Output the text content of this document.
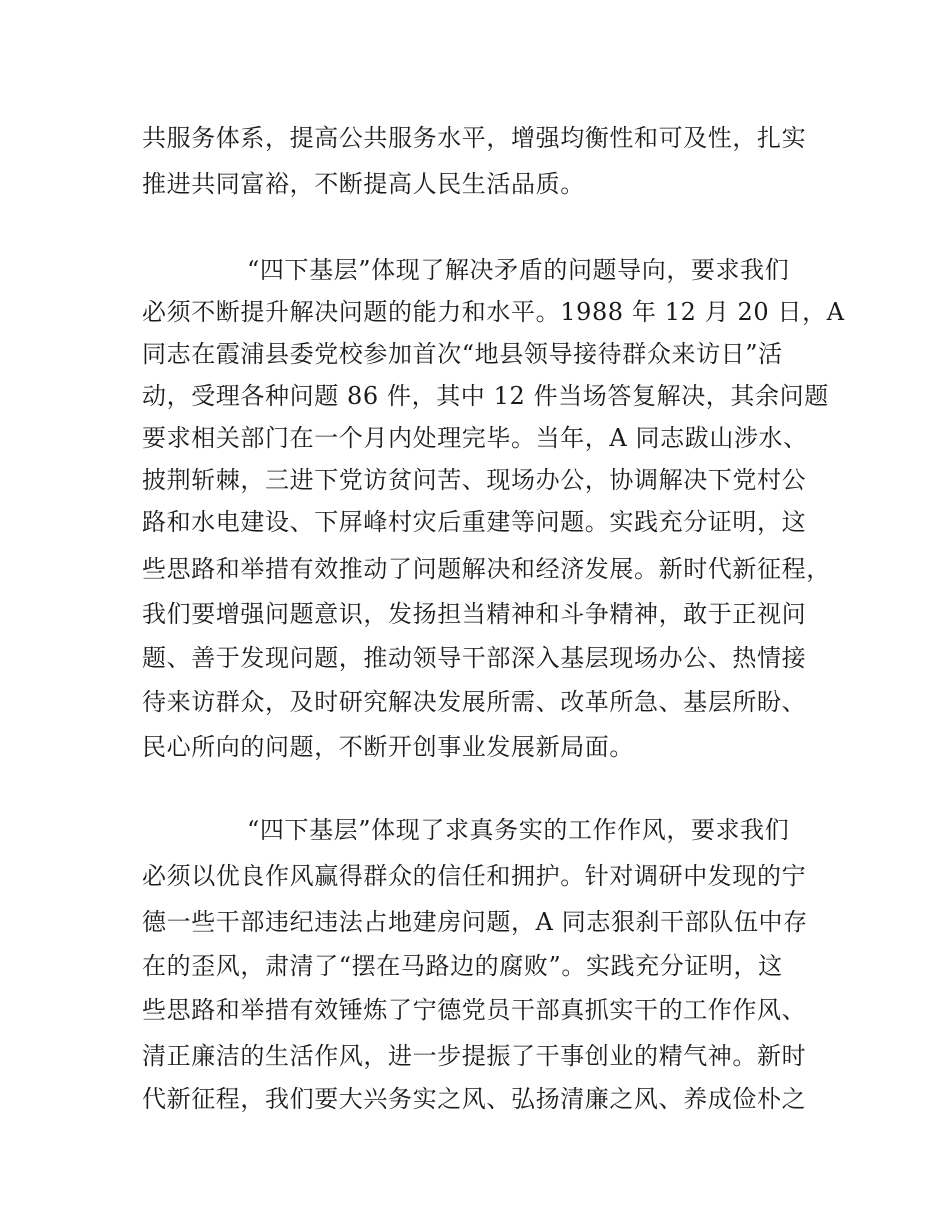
共服务体系，提高公共服务水平，增强均衡性和可及性，扎实
推进共同富裕，不断提高人民生活品质。
“四下基层”体现了解决矛盾的问题导向，要求我们
必须不断提升解决问题的能力和水平。1988 年 12 月 20 日，A
同志在霞浦县委党校参加首次“地县领导接待群众来访日”活
动，受理各种问题 86 件，其中 12 件当场答复解决，其余问题
要求相关部门在一个月内处理完毕。当年，A 同志跋山涉水、
披荆斩棘，三进下党访贫问苦、现场办公，协调解决下党村公
路和水电建设、下屏峰村灾后重建等问题。实践充分证明，这
些思路和举措有效推动了问题解决和经济发展。新时代新征程，
我们要增强问题意识，发扬担当精神和斗争精神，敢于正视问
题、善于发现问题，推动领导干部深入基层现场办公、热情接
待来访群众，及时研究解决发展所需、改革所急、基层所盼、
民心所向的问题，不断开创事业发展新局面。
“四下基层”体现了求真务实的工作作风，要求我们
必须以优良作风赢得群众的信任和拥护。针对调研中发现的宁
德一些干部违纪违法占地建房问题，A 同志狠刹干部队伍中存
在的歪风，肃清了“摆在马路边的腐败”。实践充分证明，这
些思路和举措有效锤炼了宁德党员干部真抓实干的工作作风、
清正廉洁的生活作风，进一步提振了干事创业的精气神。新时
代新征程，我们要大兴务实之风、弘扬清廉之风、养成俭朴之
